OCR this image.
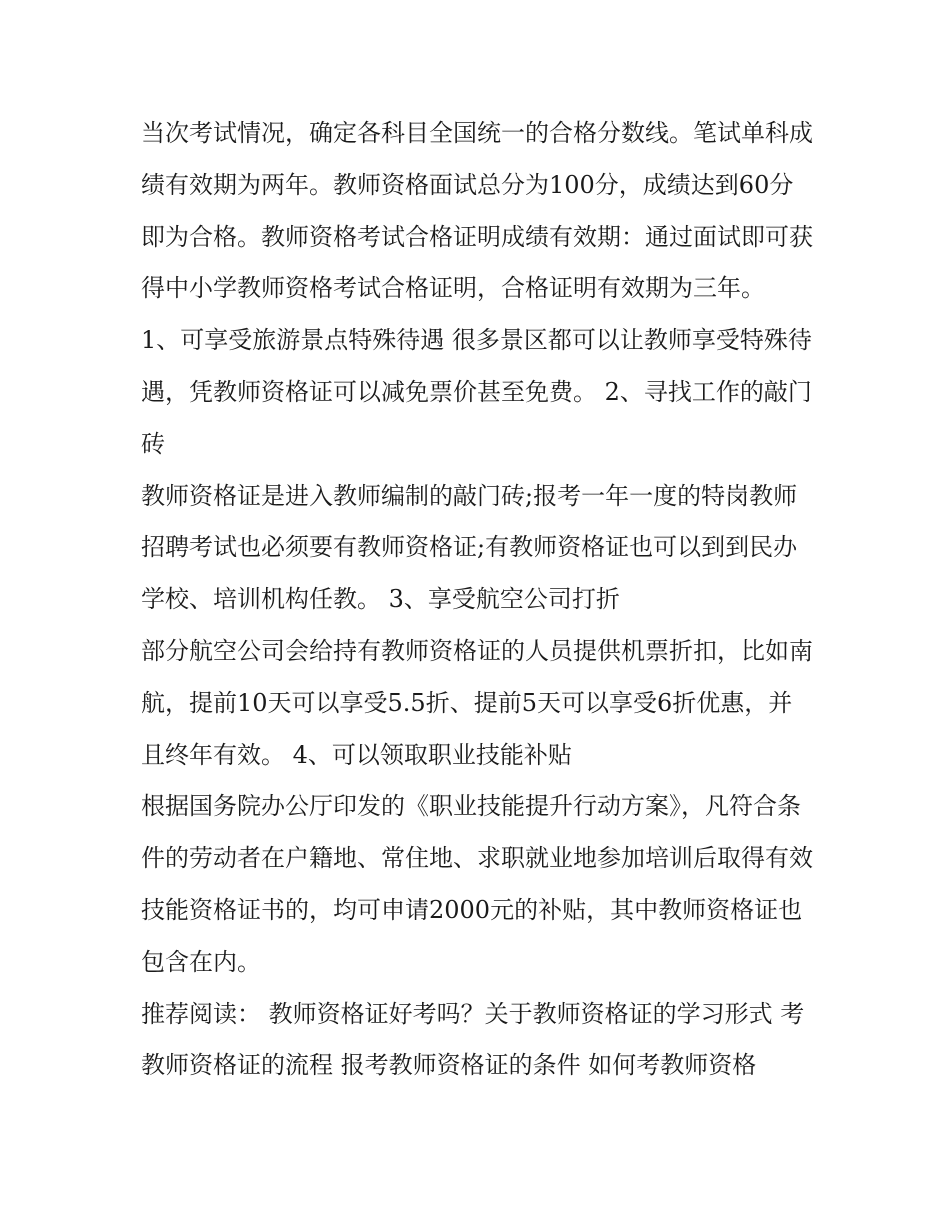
当次考试情况，确定各科目全国统一的合格分数线。笔试单科成绩有效期为两年。教师资格面试总分为100分，成绩达到60分即为合格。教师资格考试合格证明成绩有效期：通过面试即可获得中小学教师资格考试合格证明，合格证明有效期为三年。

1、可享受旅游景点特殊待遇 很多景区都可以让教师享受特殊待遇，凭教师资格证可以减免票价甚至免费。 2、寻找工作的敲门砖

教师资格证是进入教师编制的敲门砖;报考一年一度的特岗教师招聘考试也必须要有教师资格证;有教师资格证也可以到到民办学校、培训机构任教。 3、享受航空公司打折

部分航空公司会给持有教师资格证的人员提供机票折扣，比如南航，提前10天可以享受5.5折、提前5天可以享受6折优惠，并且终年有效。 4、可以领取职业技能补贴

根据国务院办公厅印发的《职业技能提升行动方案》，凡符合条件的劳动者在户籍地、常住地、求职就业地参加培训后取得有效技能资格证书的，均可申请2000元的补贴，其中教师资格证也包含在内。

推荐阅读： 教师资格证好考吗？关于教师资格证的学习形式 考教师资格证的流程 报考教师资格证的条件 如何考教师资格
